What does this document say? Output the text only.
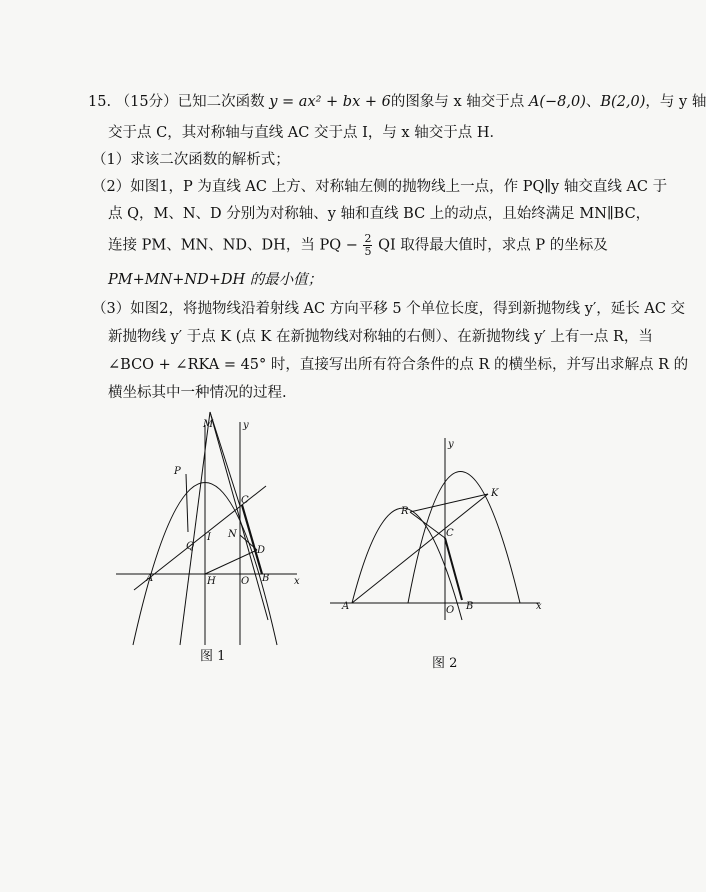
15. （15分）已知二次函数 y = ax² + bx + 6的图象与 x 轴交于点 A(−8,0)、B(2,0)，与 y 轴
交于点 C，其对称轴与直线 AC 交于点 I，与 x 轴交于点 H．
（1）求该二次函数的解析式；
（2）如图1，P 为直线 AC 上方、对称轴左侧的抛物线上一点，作 PQ∥y 轴交直线 AC 于
点 Q，M、N、D 分别为对称轴、y 轴和直线 BC 上的动点，且始终满足 MN∥BC，
连接 PM、MN、ND、DH，当 PQ − $\frac{2}{5}$ QI 取得最大值时，求点 P 的坐标及
PM+MN+ND+DH 的最小值；
（3）如图2，将抛物线沿着射线 AC 方向平移 5 个单位长度，得到新抛物线 y′，延长 AC 交
新抛物线 y′ 于点 K (点 K 在新抛物线对称轴的右侧）、在新抛物线 y′ 上有一点 R，当
∠BCO + ∠RKA = 45° 时，直接写出所有符合条件的点 R 的横坐标，并写出求解点 R 的
横坐标其中一种情况的过程.
M	y
P
C
Q
I N
D
A	H	O B x
图 1
y
K
R
C
A	O B	x
图 2
